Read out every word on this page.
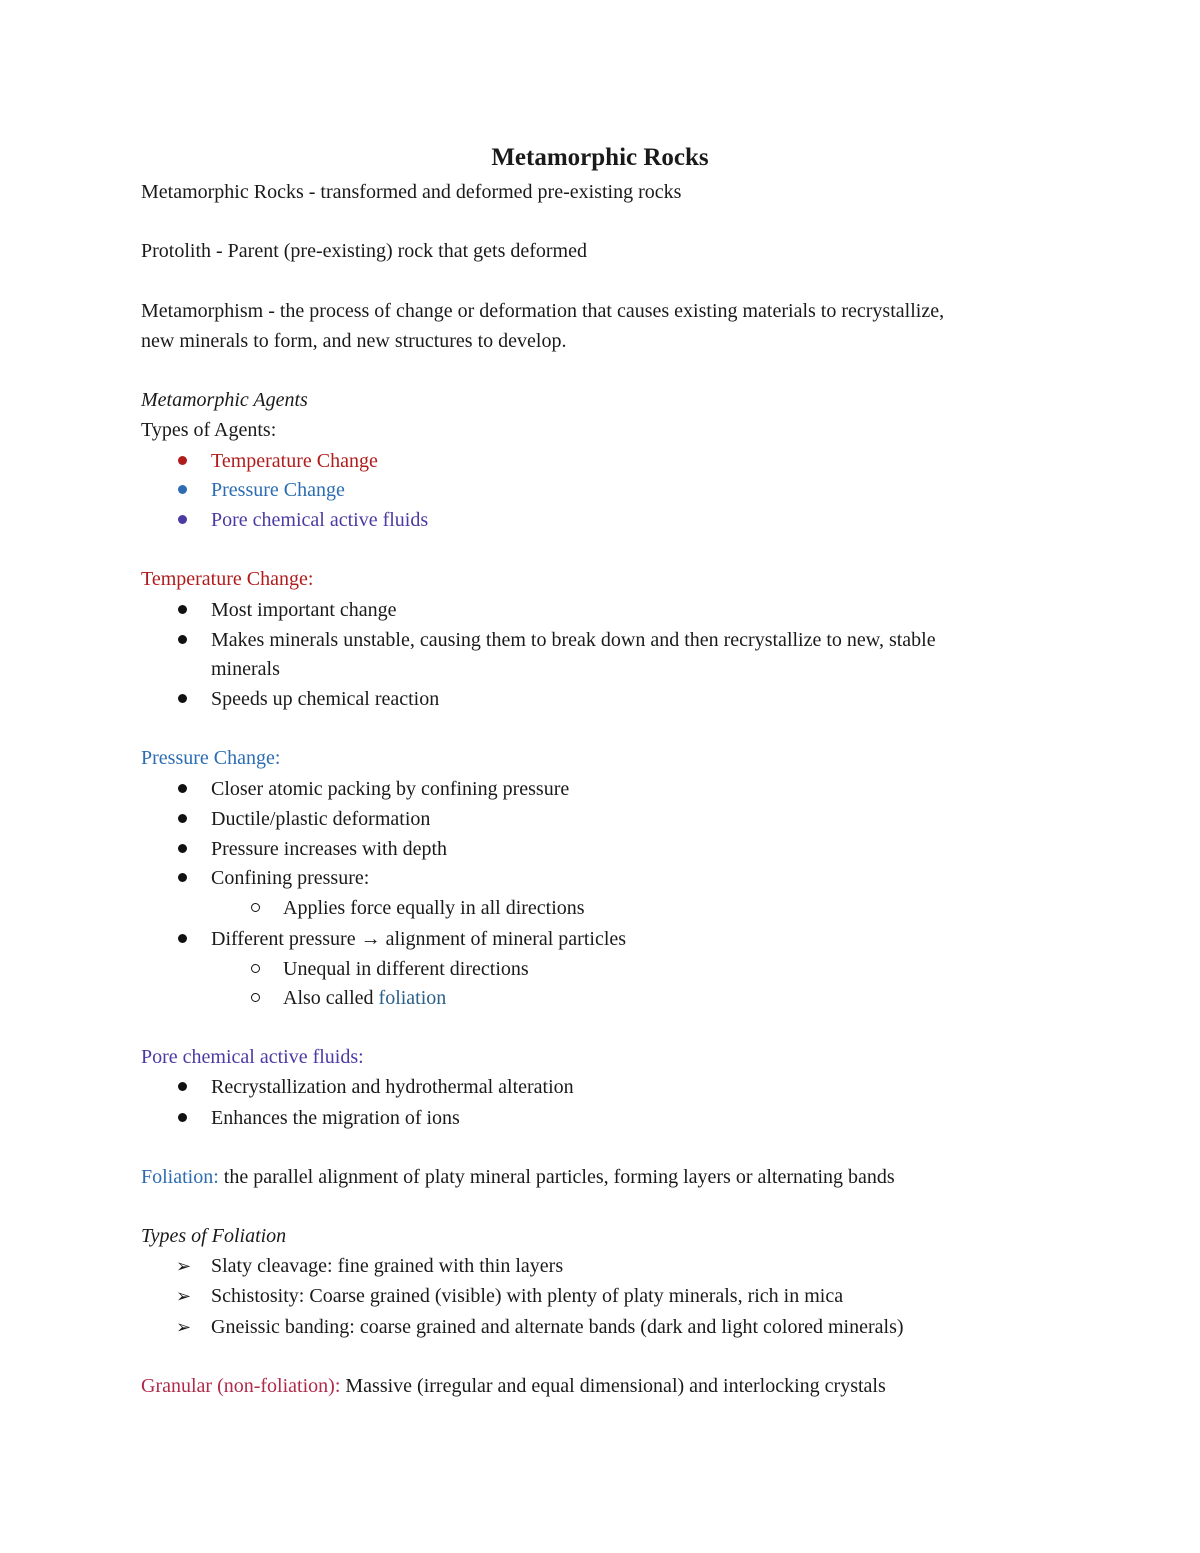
Metamorphic Rocks
Metamorphic Rocks - transformed and deformed pre-existing rocks
Protolith - Parent (pre-existing) rock that gets deformed
Metamorphism - the process of change or deformation that causes existing materials to recrystallize,
new minerals to form, and new structures to develop.
Metamorphic Agents
Types of Agents:
Temperature Change
Pressure Change
Pore chemical active fluids
Temperature Change:
Most important change
Makes minerals unstable, causing them to break down and then recrystallize to new, stable
minerals
Speeds up chemical reaction
Pressure Change:
Closer atomic packing by confining pressure
Ductile/plastic deformation
Pressure increases with depth
Confining pressure:
Applies force equally in all directions
Different pressure → alignment of mineral particles
Unequal in different directions
Also called foliation
Pore chemical active fluids:
Recrystallization and hydrothermal alteration
Enhances the migration of ions
Foliation: the parallel alignment of platy mineral particles, forming layers or alternating bands
Types of Foliation
➢ Slaty cleavage: fine grained with thin layers
➢ Schistosity: Coarse grained (visible) with plenty of platy minerals, rich in mica
➢ Gneissic banding: coarse grained and alternate bands (dark and light colored minerals)
Granular (non-foliation): Massive (irregular and equal dimensional) and interlocking crystals
